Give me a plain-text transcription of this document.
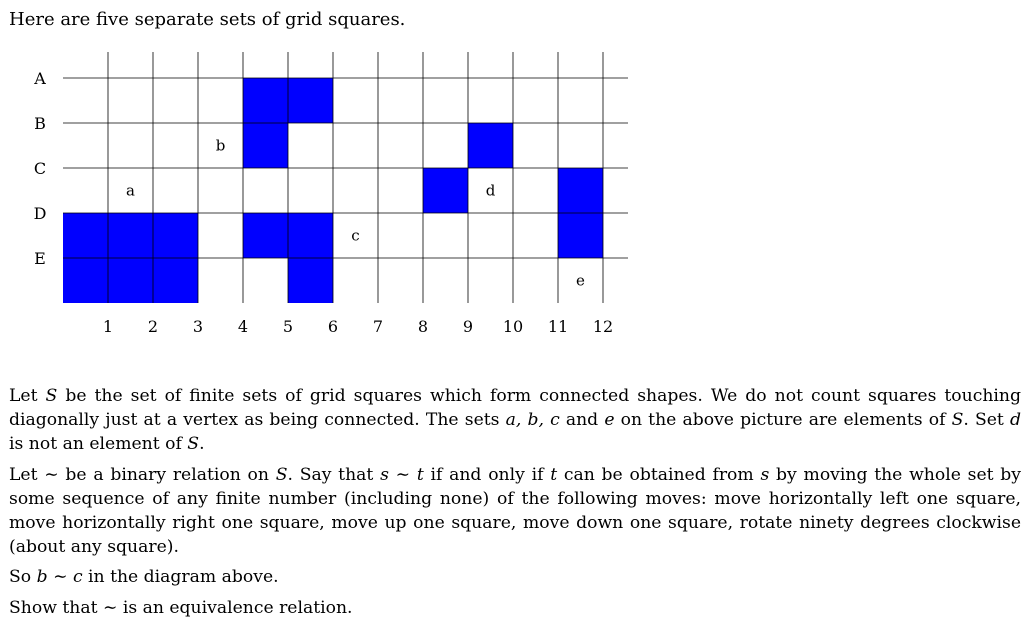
Here are five separate sets of grid squares.

A
B
C
D
E
1 2 3 4 5 6 7 8 9 10 11 12
a
b
c
d
e

Let S be the set of finite sets of grid squares which form connected shapes. We do not count squares touching diagonally just at a vertex as being connected. The sets a, b, c and e on the above picture are elements of S. Set d is not an element of S.

Let ∼ be a binary relation on S. Say that s ∼ t if and only if t can be obtained from s by moving the whole set by some sequence of any finite number (including none) of the following moves: move horizontally left one square, move horizontally right one square, move up one square, move down one square, rotate ninety degrees clockwise (about any square).

So b ∼ c in the diagram above.

Show that ∼ is an equivalence relation.
